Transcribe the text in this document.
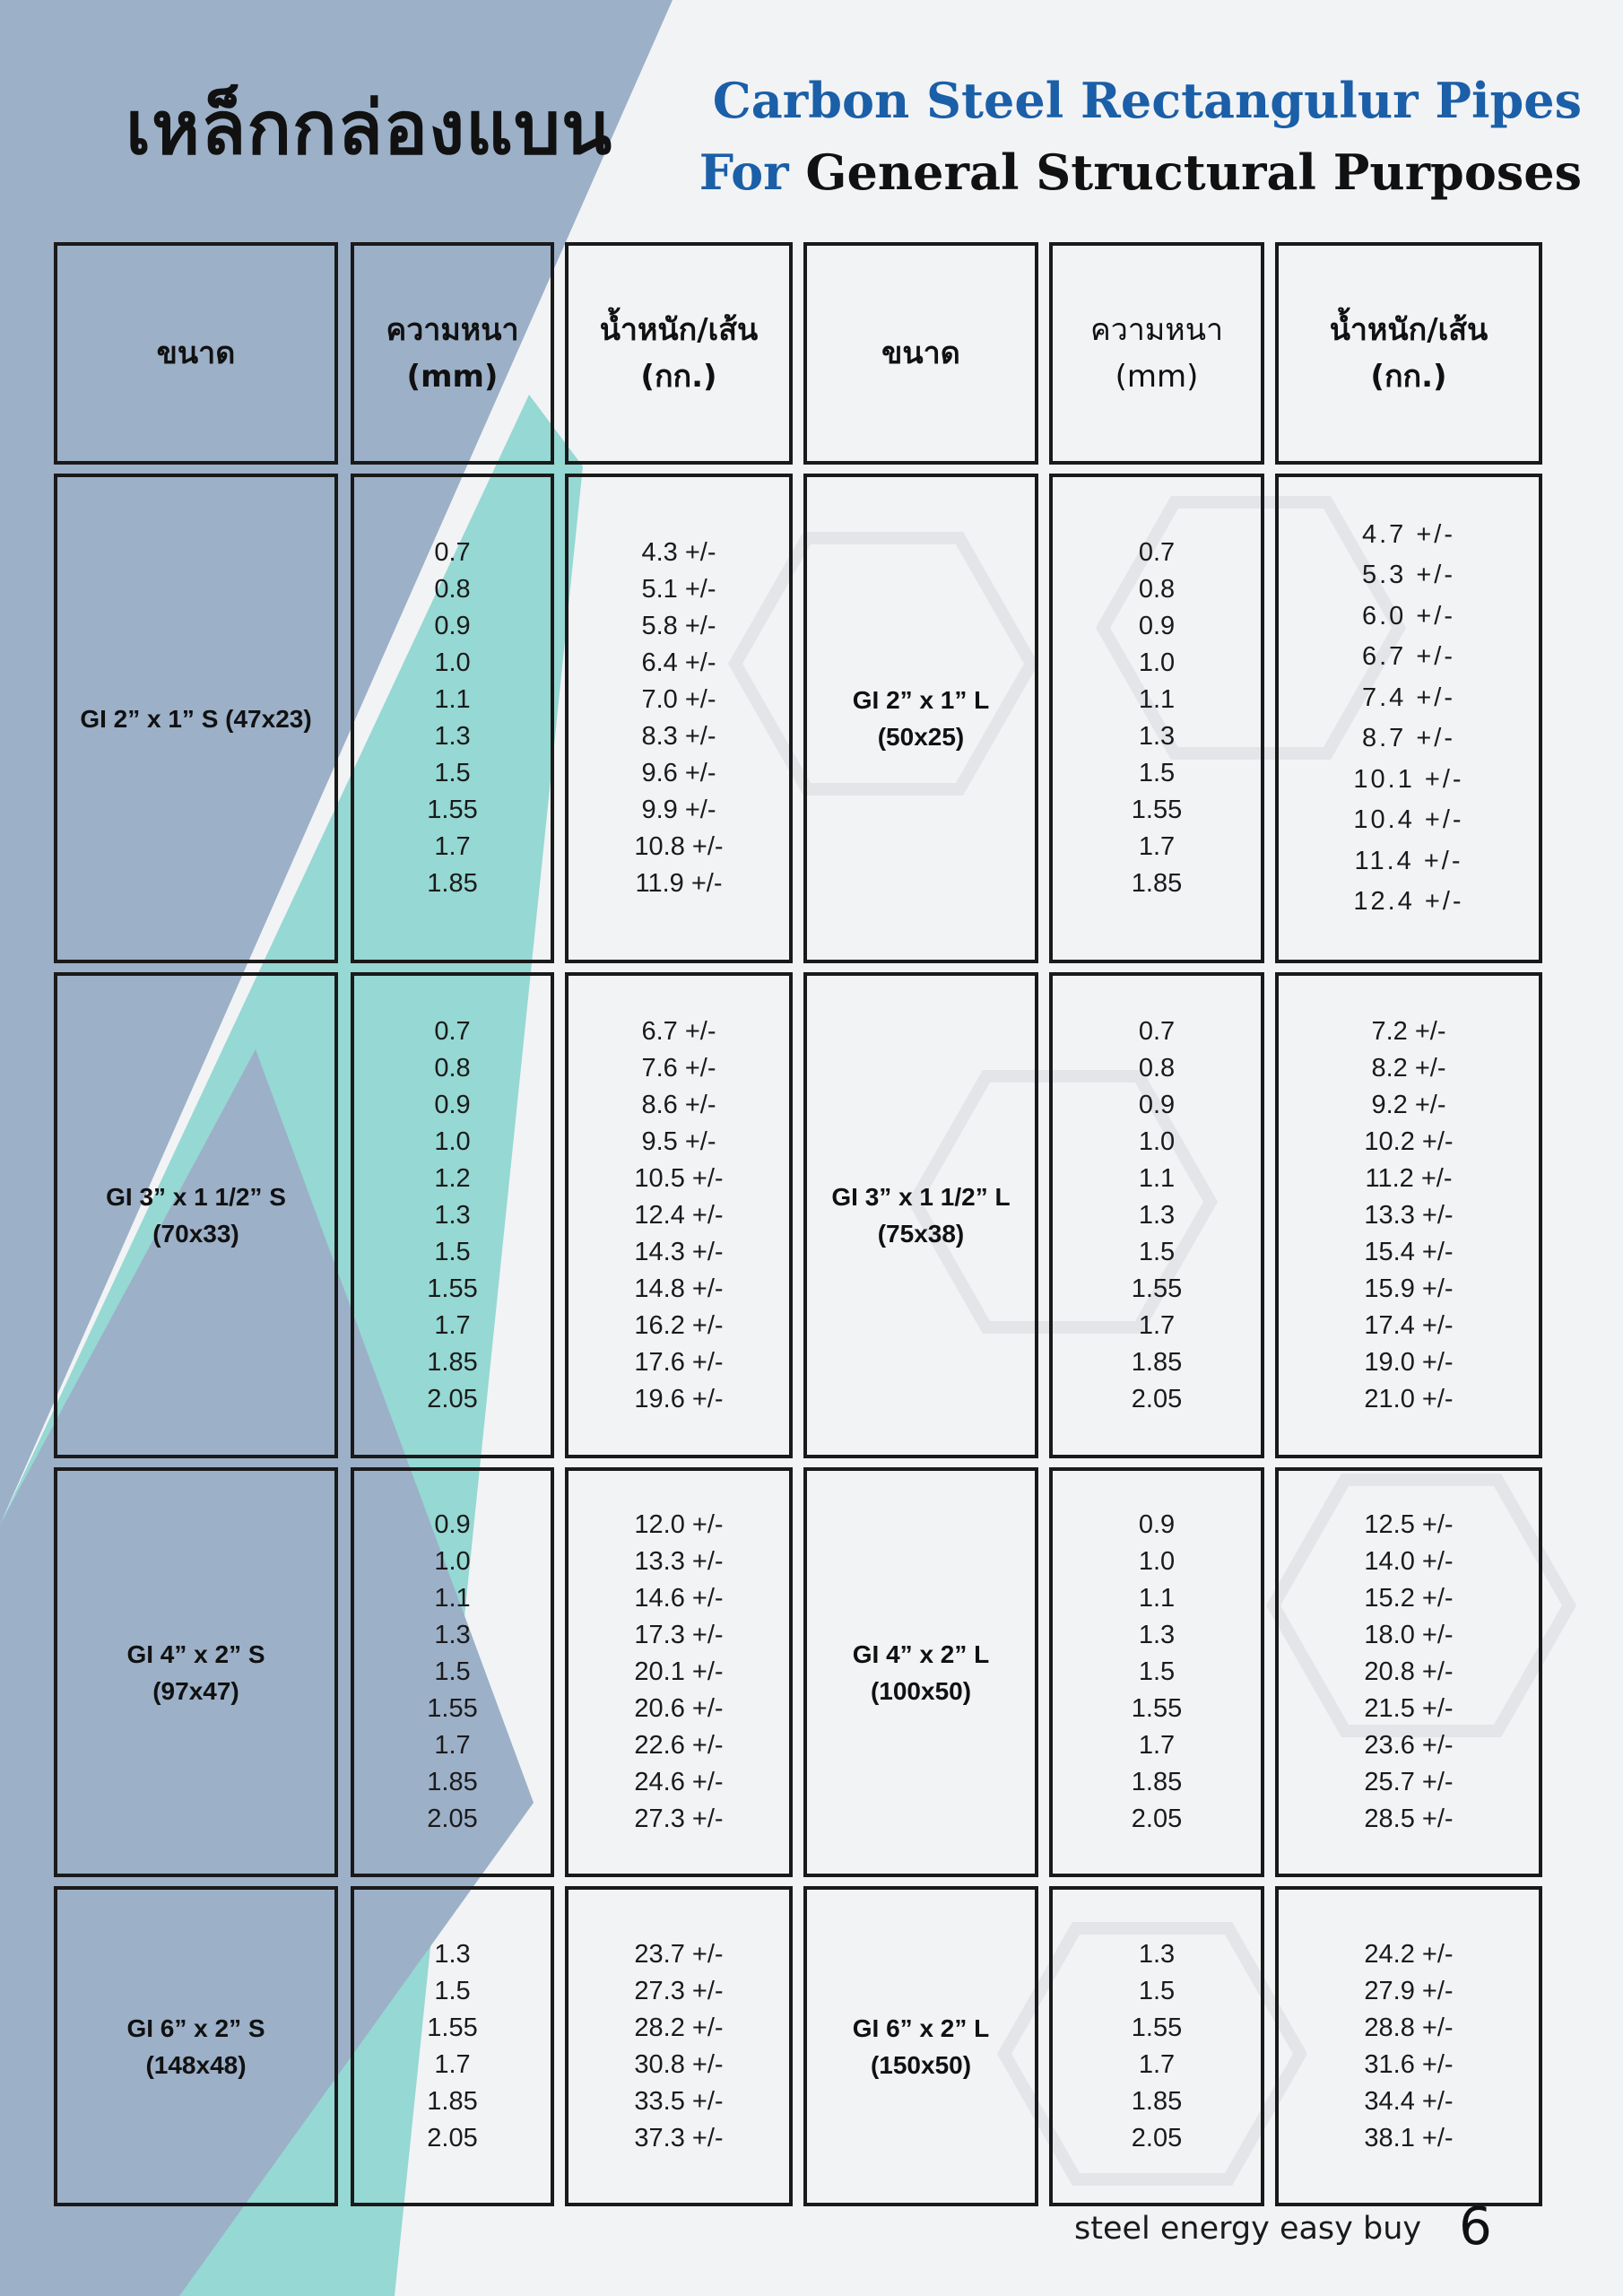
เหล็กกล่องแบน Carbon Steel Rectangulur Pipes

For General Structural Purposes

ขนาด
ความหนา
(mm)
น้ำหนัก/เส้น
(กก.)
ขนาด
ความหนา
(mm)
น้ำหนัก/เส้น
(กก.)
GI 2” x 1” S (47x23)
0.7
0.8
0.9
1.0
1.1
1.3
1.5
1.55
1.7
1.85
4.3 +/-
5.1 +/-
5.8 +/-
6.4 +/-
7.0 +/-
8.3 +/-
9.6 +/-
9.9 +/-
10.8 +/-
11.9 +/-
GI 2” x 1” L
(50x25)
0.7
0.8
0.9
1.0
1.1
1.3
1.5
1.55
1.7
1.85
4.7 +/-
5.3 +/-
6.0 +/-
6.7 +/-
7.4 +/-
8.7 +/-
10.1 +/-
10.4 +/-
11.4 +/-
12.4 +/-
GI 3” x 1 1/2” S
(70x33)
0.7
0.8
0.9
1.0
1.2
1.3
1.5
1.55
1.7
1.85
2.05
6.7 +/-
7.6 +/-
8.6 +/-
9.5 +/-
10.5 +/-
12.4 +/-
14.3 +/-
14.8 +/-
16.2 +/-
17.6 +/-
19.6 +/-
GI 3” x 1 1/2” L
(75x38)
0.7
0.8
0.9
1.0
1.1
1.3
1.5
1.55
1.7
1.85
2.05
7.2 +/-
8.2 +/-
9.2 +/-
10.2 +/-
11.2 +/-
13.3 +/-
15.4 +/-
15.9 +/-
17.4 +/-
19.0 +/-
21.0 +/-
GI 4” x 2” S
(97x47)
0.9
1.0
1.1
1.3
1.5
1.55
1.7
1.85
2.05
12.0 +/-
13.3 +/-
14.6 +/-
17.3 +/-
20.1 +/-
20.6 +/-
22.6 +/-
24.6 +/-
27.3 +/-
GI 4” x 2” L
(100x50)
0.9
1.0
1.1
1.3
1.5
1.55
1.7
1.85
2.05
12.5 +/-
14.0 +/-
15.2 +/-
18.0 +/-
20.8 +/-
21.5 +/-
23.6 +/-
25.7 +/-
28.5 +/-
GI 6” x 2” S
(148x48)
1.3
1.5
1.55
1.7
1.85
2.05
23.7 +/-
27.3 +/-
28.2 +/-
30.8 +/-
33.5 +/-
37.3 +/-
GI 6” x 2” L
(150x50)
1.3
1.5
1.55
1.7
1.85
2.05
24.2 +/-
27.9 +/-
28.8 +/-
31.6 +/-
34.4 +/-
38.1 +/-
steel energy easy buy 6
